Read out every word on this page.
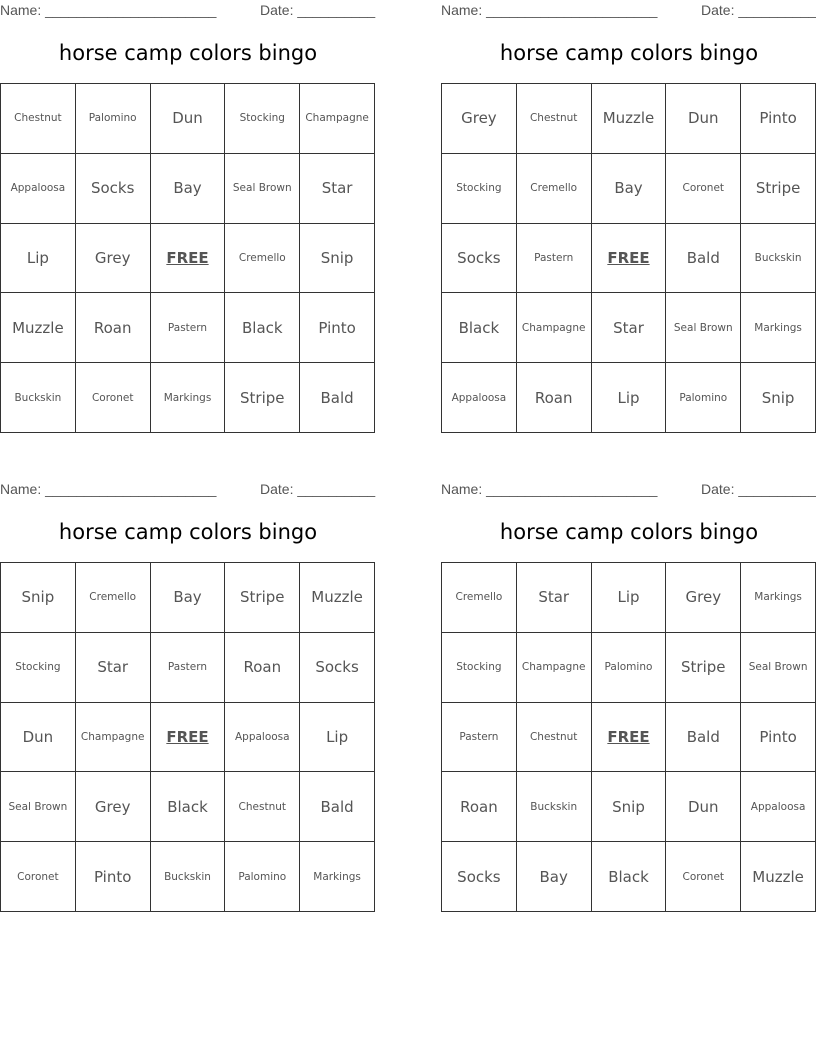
Name: ______________________	Date: __________
horse camp colors bingo
Chestnut	Palomino	Dun	Stocking	Champagne
Appaloosa	Socks	Bay	Seal Brown	Star
Lip	Grey	FREE	Cremello	Snip
Muzzle	Roan	Pastern	Black	Pinto
Buckskin	Coronet	Markings	Stripe	Bald
Name: ______________________	Date: __________
horse camp colors bingo
Grey	Chestnut	Muzzle	Dun	Pinto
Stocking	Cremello	Bay	Coronet	Stripe
Socks	Pastern	FREE	Bald	Buckskin
Black	Champagne	Star	Seal Brown	Markings
Appaloosa	Roan	Lip	Palomino	Snip
Name: ______________________	Date: __________
horse camp colors bingo
Snip	Cremello	Bay	Stripe	Muzzle
Stocking	Star	Pastern	Roan	Socks
Dun	Champagne	FREE	Appaloosa	Lip
Seal Brown	Grey	Black	Chestnut	Bald
Coronet	Pinto	Buckskin	Palomino	Markings
Name: ______________________	Date: __________
horse camp colors bingo
Cremello	Star	Lip	Grey	Markings
Stocking	Champagne	Palomino	Stripe	Seal Brown
Pastern	Chestnut	FREE	Bald	Pinto
Roan	Buckskin	Snip	Dun	Appaloosa
Socks	Bay	Black	Coronet	Muzzle
